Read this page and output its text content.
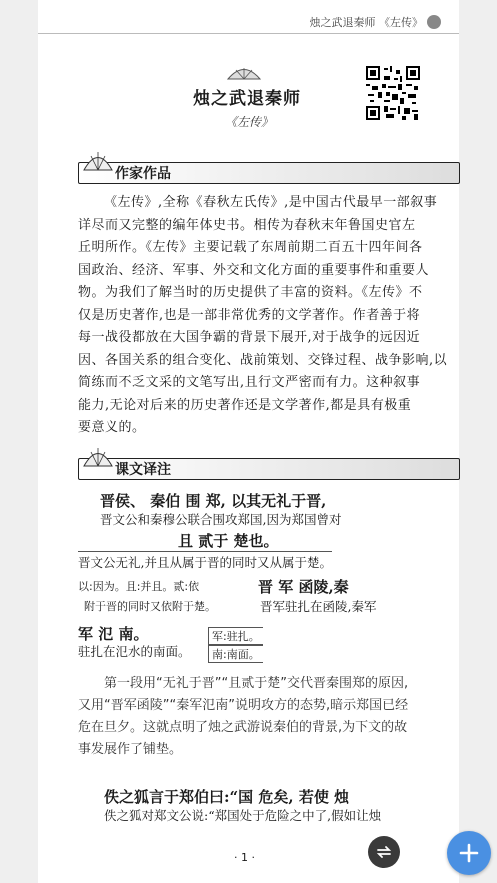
烛之武退秦师 《左传》
烛之武退秦师
《左传》
作家作品
《左传》,全称《春秋左氏传》,是中国古代最早一部叙事
详尽而又完整的编年体史书。相传为春秋末年鲁国史官左
丘明所作。《左传》主要记载了东周前期二百五十四年间各
国政治、经济、军事、外交和文化方面的重要事件和重要人
物。为我们了解当时的历史提供了丰富的资料。《左传》不
仅是历史著作,也是一部非常优秀的文学著作。作者善于将
每一战役都放在大国争霸的背景下展开,对于战争的远因近
因、各国关系的组合变化、战前策划、交锋过程、战争影响,以
简练而不乏文采的文笔写出,且行文严密而有力。这种叙事
能力,无论对后来的历史著作还是文学著作,都是具有极重
要意义的。
课文译注
晋侯、 秦伯 围 郑, 以其无礼于晋,
晋文公和秦穆公联合围攻郑国,因为郑国曾对
且 贰于 楚也。
晋文公无礼,并且从属于晋的同时又从属于楚。
以:因为。且:并且。贰:依
附于晋的同时又依附于楚。
晋 军 函陵,秦
晋军驻扎在函陵,秦军
军 氾 南。
驻扎在氾水的南面。
军:驻扎。
南:南面。
第一段用“无礼于晋”“且贰于楚”交代晋秦围郑的原因,
又用“晋军函陵”“秦军氾南”说明攻方的态势,暗示郑国已经
危在旦夕。这就点明了烛之武游说秦伯的背景,为下文的故
事发展作了铺垫。
佚之狐言于郑伯曰:“国 危矣, 若使 烛
佚之狐对郑文公说:“郑国处于危险之中了,假如让烛
· 1 ·
